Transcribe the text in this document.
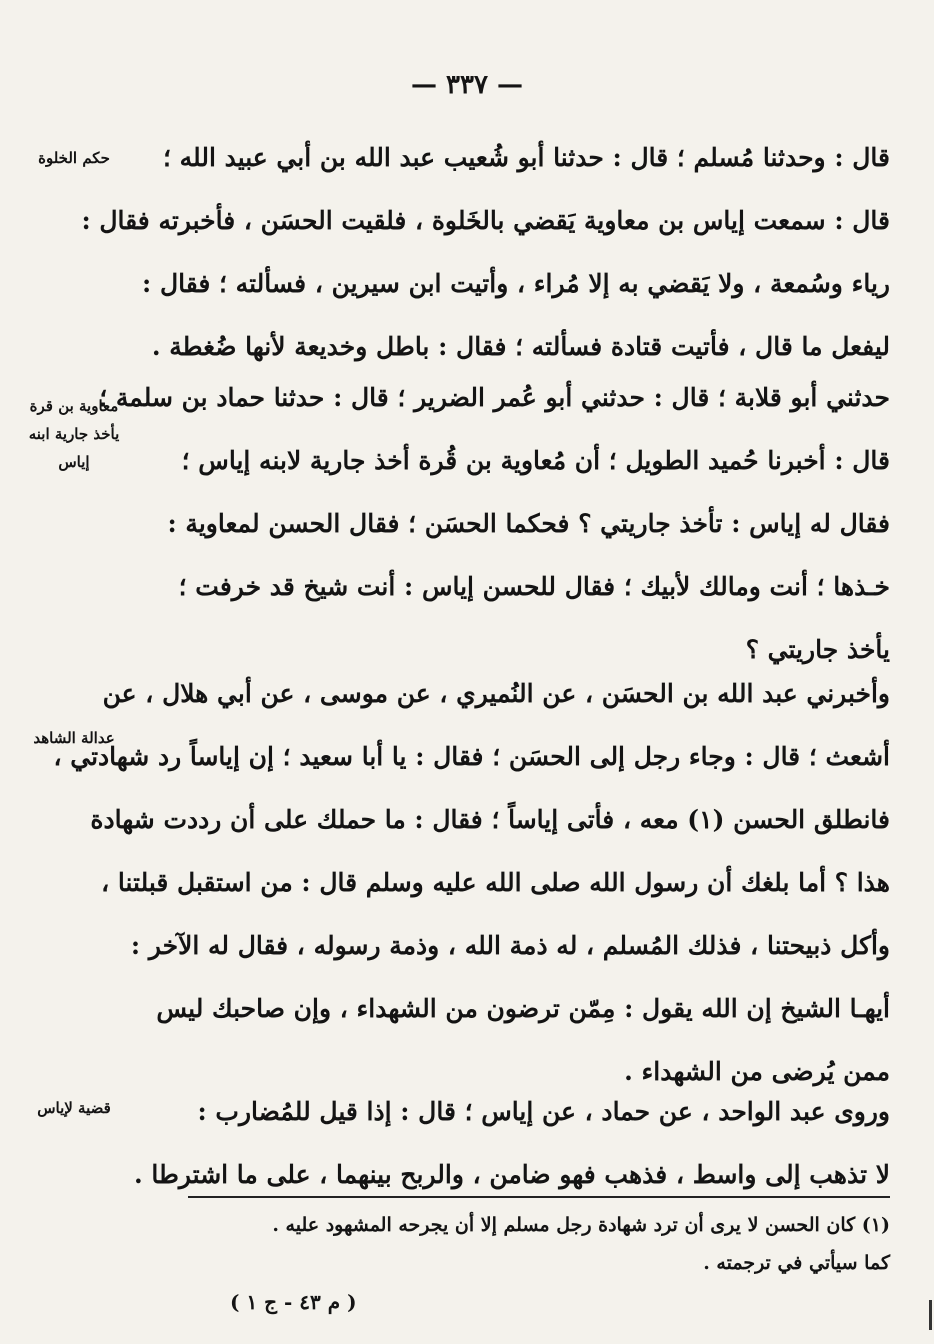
— ٣٣٧ —
قال : وحدثنا مُسلم ؛ قال : حدثنا أبو شُعيب عبد الله بن أبي عبيد الله ؛
قال : سمعت إياس بن معاوية يَقضي بالخَلوة ، فلقيت الحسَن ، فأخبرته فقال :
رياء وسُمعة ، ولا يَقضي به إلا مُراء ، وأتيت ابن سيرين ، فسألته ؛ فقال :
ليفعل ما قال ، فأتيت قتادة فسألته ؛ فقال : باطل وخديعة لأنها ضُغطة .
حدثني أبو قلابة ؛ قال : حدثني أبو عُمر الضرير ؛ قال : حدثنا حماد بن سلمة ؛
قال : أخبرنا حُميد الطويل ؛ أن مُعاوية بن قُرة أخذ جارية لابنه إياس ؛
فقال له إياس : تأخذ جاريتي ؟ فحكما الحسَن ؛ فقال الحسن لمعاوية :
خـذها ؛ أنت ومالك لأبيك ؛ فقال للحسن إياس : أنت شيخ قد خرفت ؛
يأخذ جاريتي ؟
وأخبرني عبد الله بن الحسَن ، عن النُميري ، عن موسى ، عن أبي هلال ، عن
أشعث ؛ قال : وجاء رجل إلى الحسَن ؛ فقال : يا أبا سعيد ؛ إن إياساً رد شهادتي ،
فانطلق الحسن (١) معه ، فأتى إياساً ؛ فقال : ما حملك على أن رددت شهادة
هذا ؟ أما بلغك أن رسول الله صلى الله عليه وسلم قال : من استقبل قبلتنا ،
وأكل ذبيحتنا ، فذلك المُسلم ، له ذمة الله ، وذمة رسوله ، فقال له الآخر :
أيهـا الشيخ إن الله يقول : مِمّن ترضون من الشهداء ، وإن صاحبك ليس
ممن يُرضى من الشهداء .
وروى عبد الواحد ، عن حماد ، عن إياس ؛ قال : إذا قيل للمُضارب :
لا تذهب إلى واسط ، فذهب فهو ضامن ، والربح بينهما ، على ما اشترطا .
حكم الخلوة
معاوية بن قرة
يأخذ جارية ابنه
إياس
عدالة الشاهد
قضية لإياس
(١) كان الحسن لا يرى أن ترد شهادة رجل مسلم إلا أن يجرحه المشهود عليه .
كما سيأتي في ترجمته .
( م ٤٣ - ج ١ )
